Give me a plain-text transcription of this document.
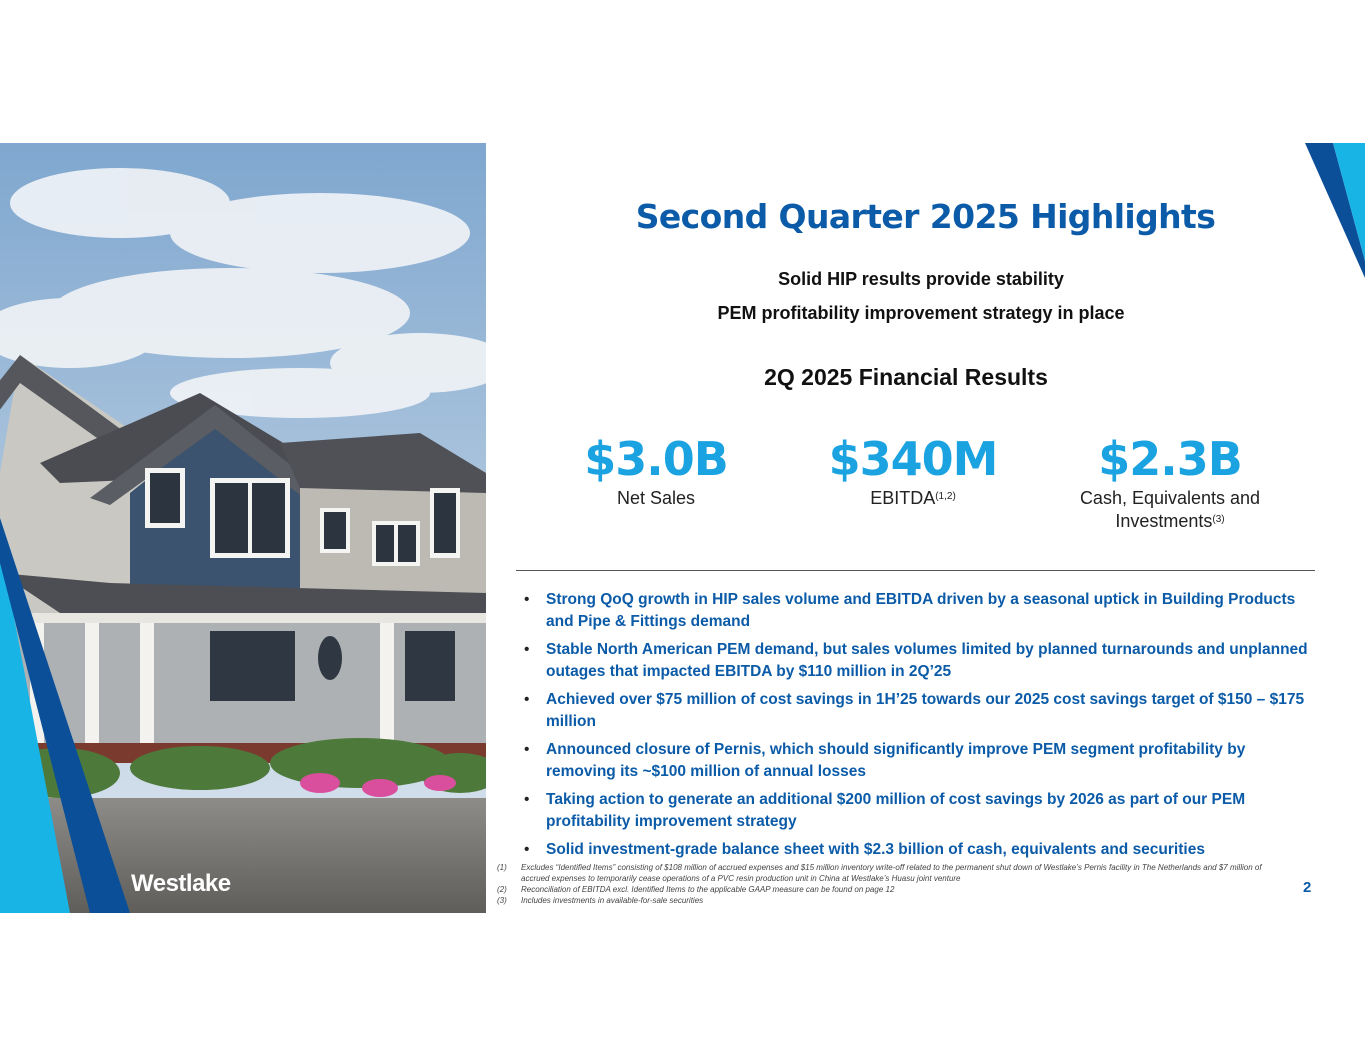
Westlake
Second Quarter 2025 Highlights
Solid HIP results provide stability
PEM profitability improvement strategy in place
2Q 2025 Financial Results
$3.0B
Net Sales
$340M
EBITDA$^{(1,2)}$
$2.3B
Cash, Equivalents and
Investments$^{(3)}$
• Strong QoQ growth in HIP sales volume and EBITDA driven by a seasonal uptick in Building Products and Pipe & Fittings demand
• Stable North American PEM demand, but sales volumes limited by planned turnarounds and unplanned outages that impacted EBITDA by $110 million in 2Q’25
• Achieved over $75 million of cost savings in 1H’25 towards our 2025 cost savings target of $150 – $175 million
• Announced closure of Pernis, which should significantly improve PEM segment profitability by removing its ~$100 million of annual losses
• Taking action to generate an additional $200 million of cost savings by 2026 as part of our PEM profitability improvement strategy
• Solid investment-grade balance sheet with $2.3 billion of cash, equivalents and securities
(1) Excludes “Identified Items” consisting of $108 million of accrued expenses and $15 million inventory write-off related to the permanent shut down of Westlake’s Pernis facility in The Netherlands and $7 million of accrued expenses to temporarily cease operations of a PVC resin production unit in China at Westlake’s Huasu joint venture
(2) Reconciliation of EBITDA excl. Identified Items to the applicable GAAP measure can be found on page 12
(3) Includes investments in available-for-sale securities
2
